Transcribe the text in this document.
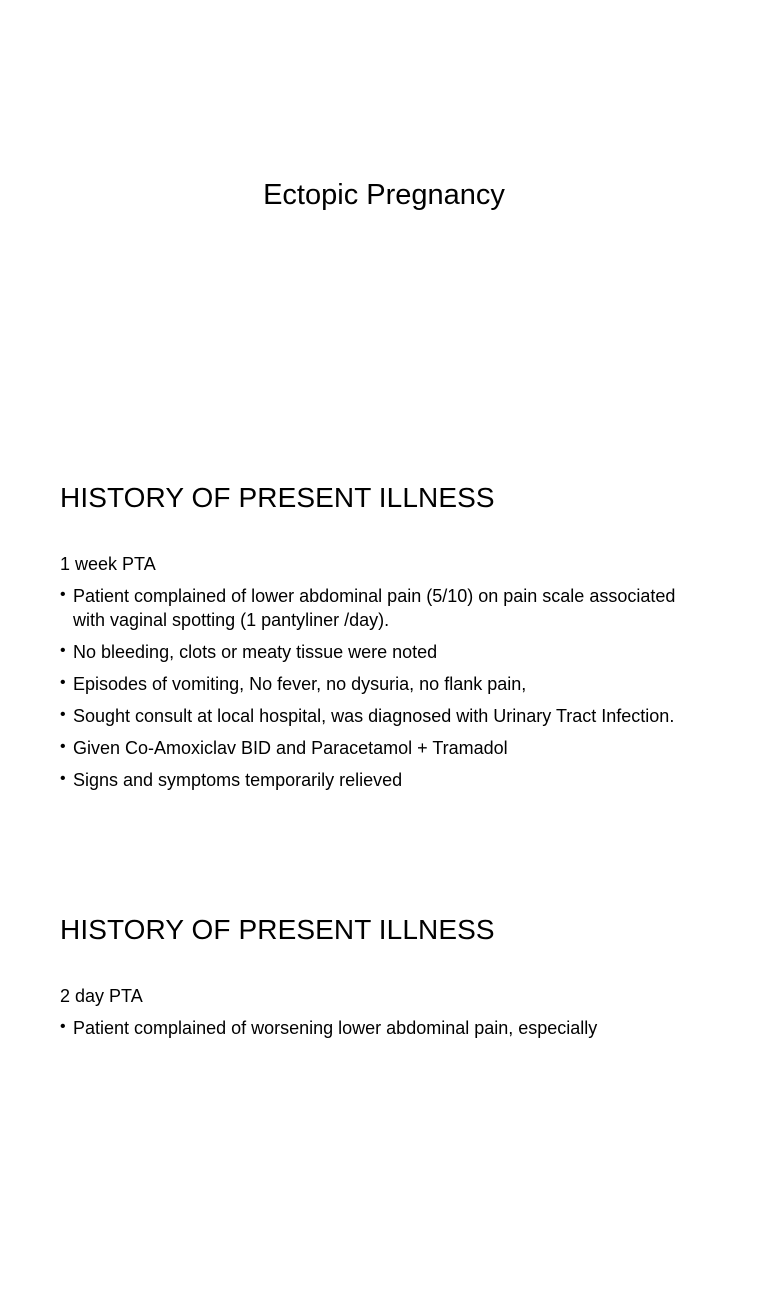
Ectopic Pregnancy
HISTORY OF PRESENT ILLNESS

1 week PTA

• Patient complained of lower abdominal pain (5/10) on pain scale associated with vaginal spotting (1 pantyliner /day).
• No bleeding, clots or meaty tissue were noted
• Episodes of vomiting, No fever, no dysuria, no flank pain,
• Sought consult at local hospital, was diagnosed with Urinary Tract Infection.
• Given Co-Amoxiclav BID and Paracetamol + Tramadol
• Signs and symptoms temporarily relieved
HISTORY OF PRESENT ILLNESS

2 day PTA

• Patient complained of worsening lower abdominal pain, especially
